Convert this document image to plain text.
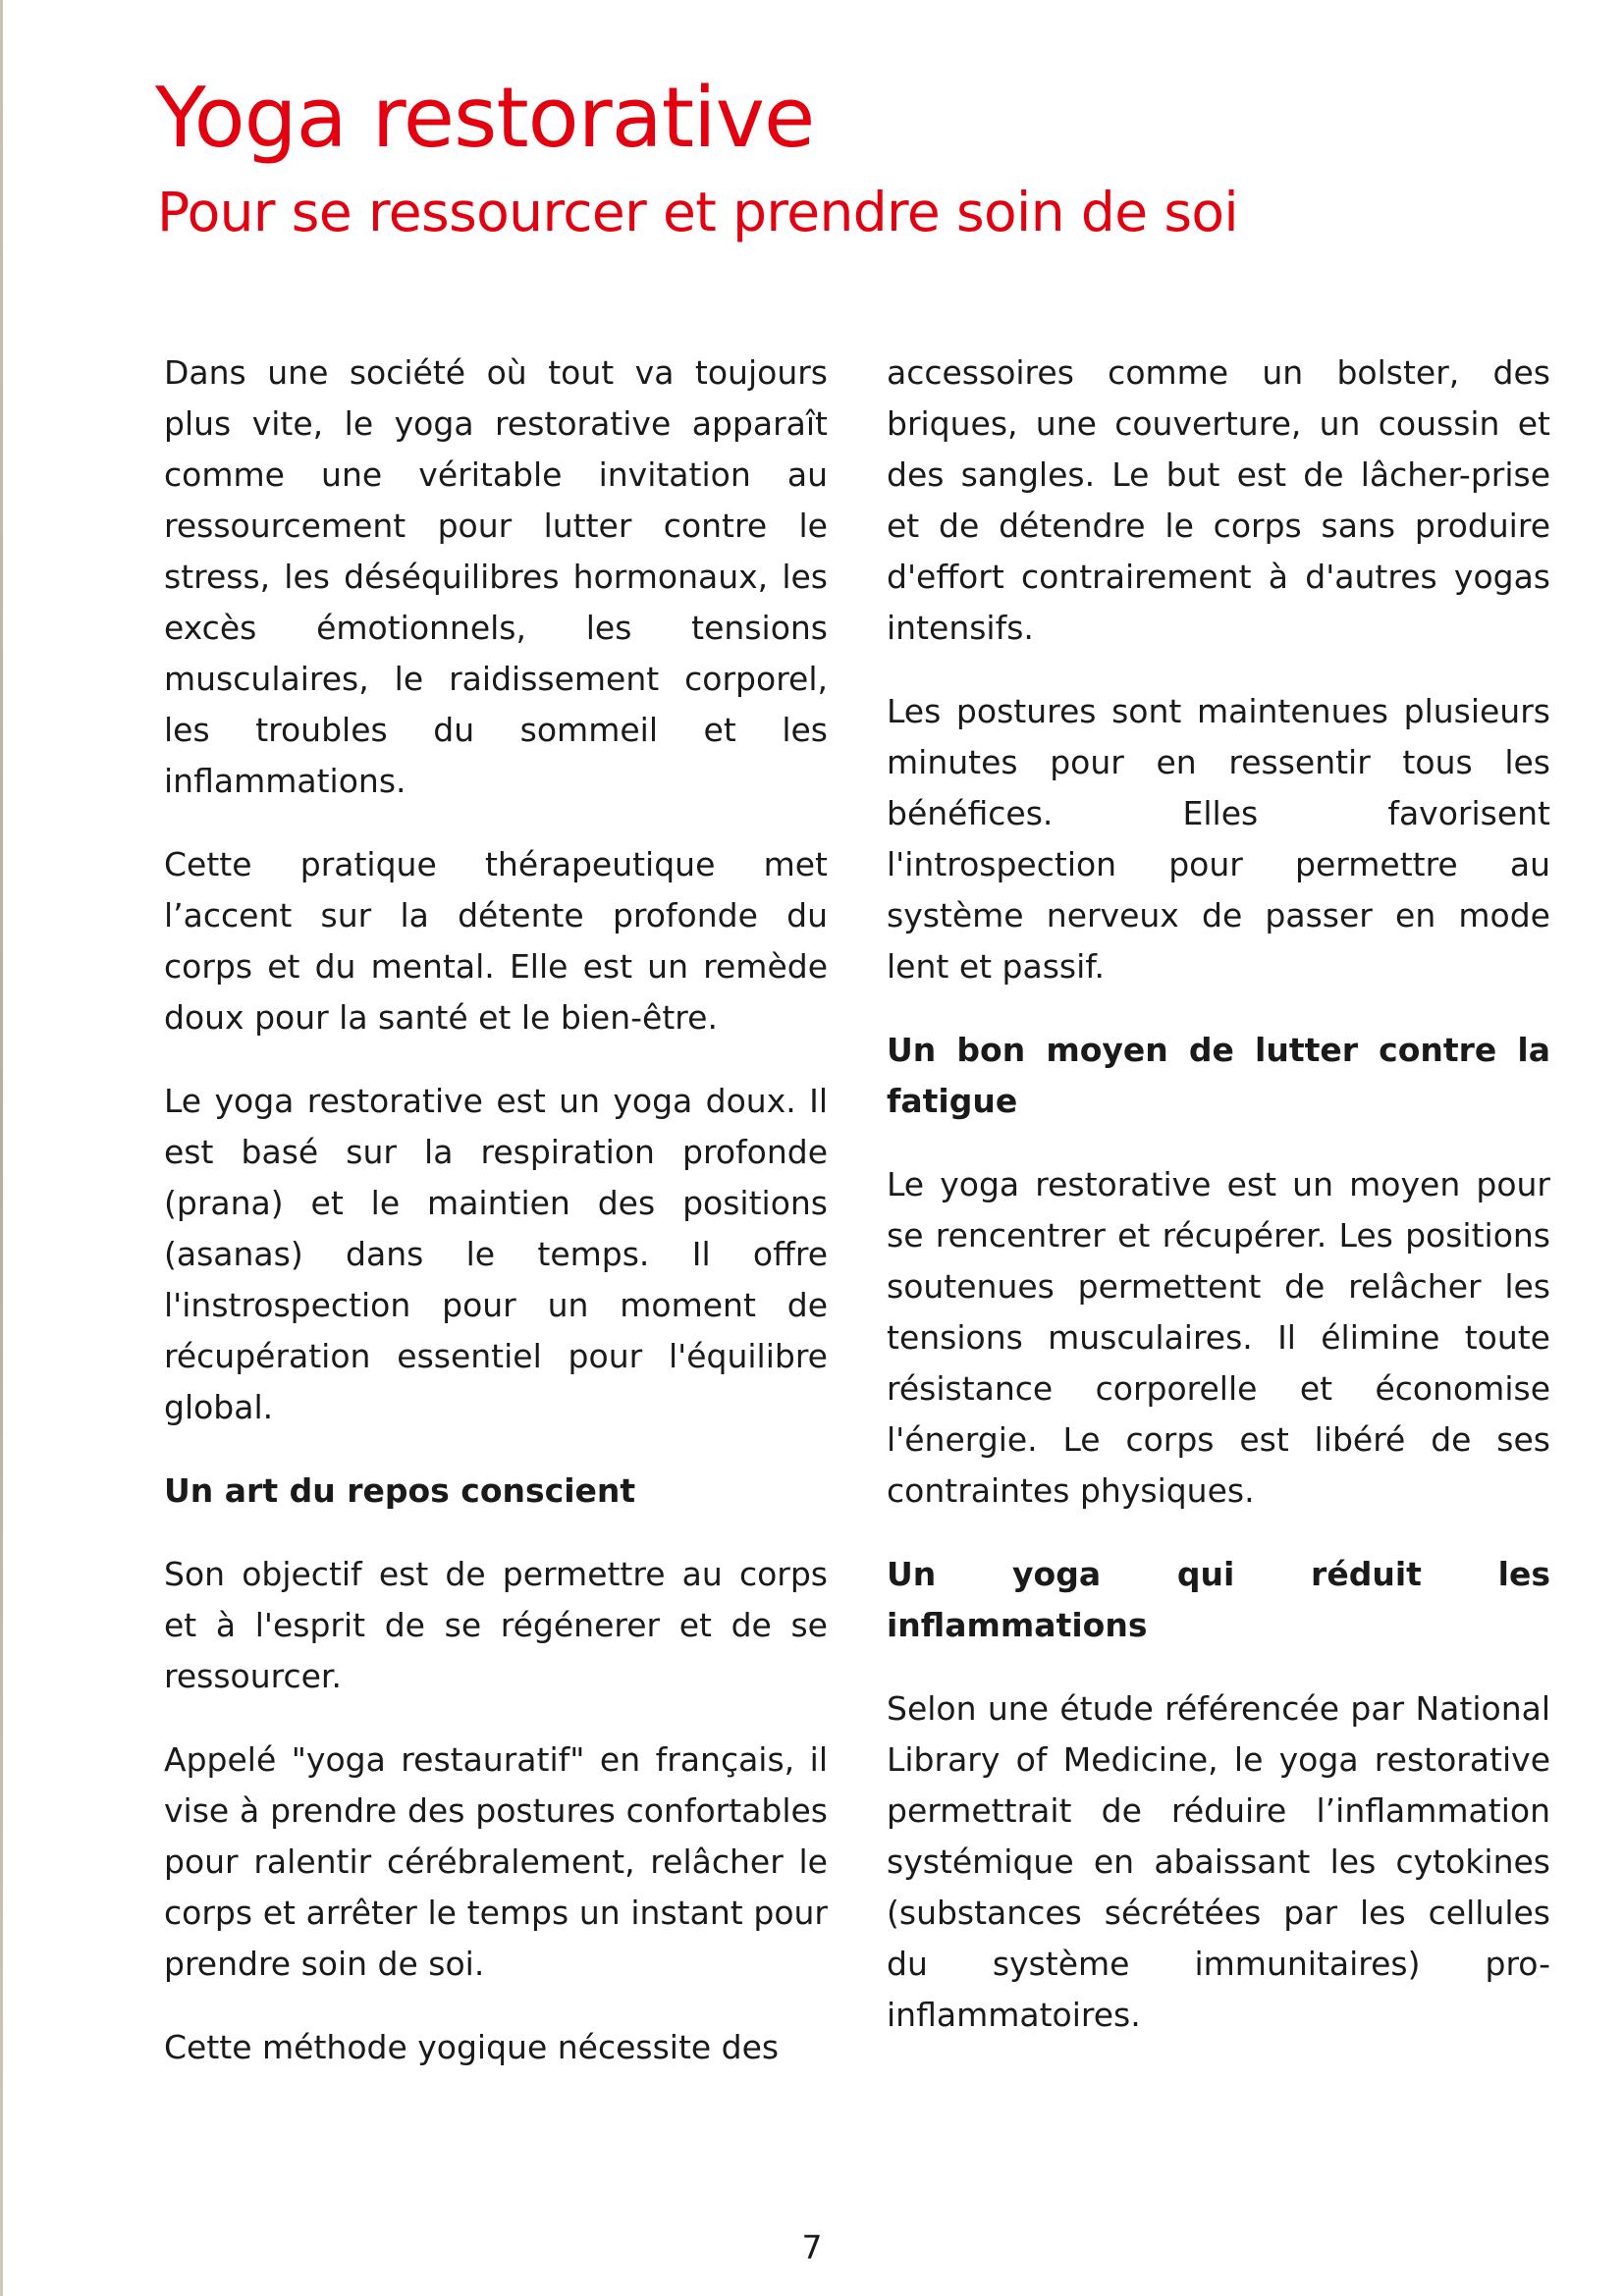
Yoga restorative
Pour se ressourcer et prendre soin de soi

Dans une société où tout va toujours plus vite, le yoga restorative apparaît comme une véritable invitation au ressourcement pour lutter contre le stress, les déséquilibres hormonaux, les excès émotionnels, les tensions musculaires, le raidissement corporel, les troubles du sommeil et les inflammations.

Cette pratique thérapeutique met l’accent sur la détente profonde du corps et du mental. Elle est un remède doux pour la santé et le bien-être.

Le yoga restorative est un yoga doux. Il est basé sur la respiration profonde (prana) et le maintien des positions (asanas) dans le temps. Il offre l'instrospection pour un moment de récupération essentiel pour l'équilibre global.

Un art du repos conscient

Son objectif est de permettre au corps et à l'esprit de se régénerer et de se ressourcer.

Appelé "yoga restauratif" en français, il vise à prendre des postures confortables pour ralentir cérébralement, relâcher le corps et arrêter le temps un instant pour prendre soin de soi.

Cette méthode yogique nécessite des

accessoires comme un bolster, des briques, une couverture, un coussin et des sangles. Le but est de lâcher-prise et de détendre le corps sans produire d'effort contrairement à d'autres yogas intensifs.

Les postures sont maintenues plusieurs minutes pour en ressentir tous les bénéfices. Elles favorisent l'introspection pour permettre au système nerveux de passer en mode lent et passif.

Un bon moyen de lutter contre la fatigue

Le yoga restorative est un moyen pour se rencentrer et récupérer. Les positions soutenues permettent de relâcher les tensions musculaires. Il élimine toute résistance corporelle et économise l'énergie. Le corps est libéré de ses contraintes physiques.

Un yoga qui réduit les inflammations

Selon une étude référencée par National Library of Medicine, le yoga restorative permettrait de réduire l’inflammation systémique en abaissant les cytokines (substances sécrétées par les cellules du système immunitaires) pro-inflammatoires.

7
